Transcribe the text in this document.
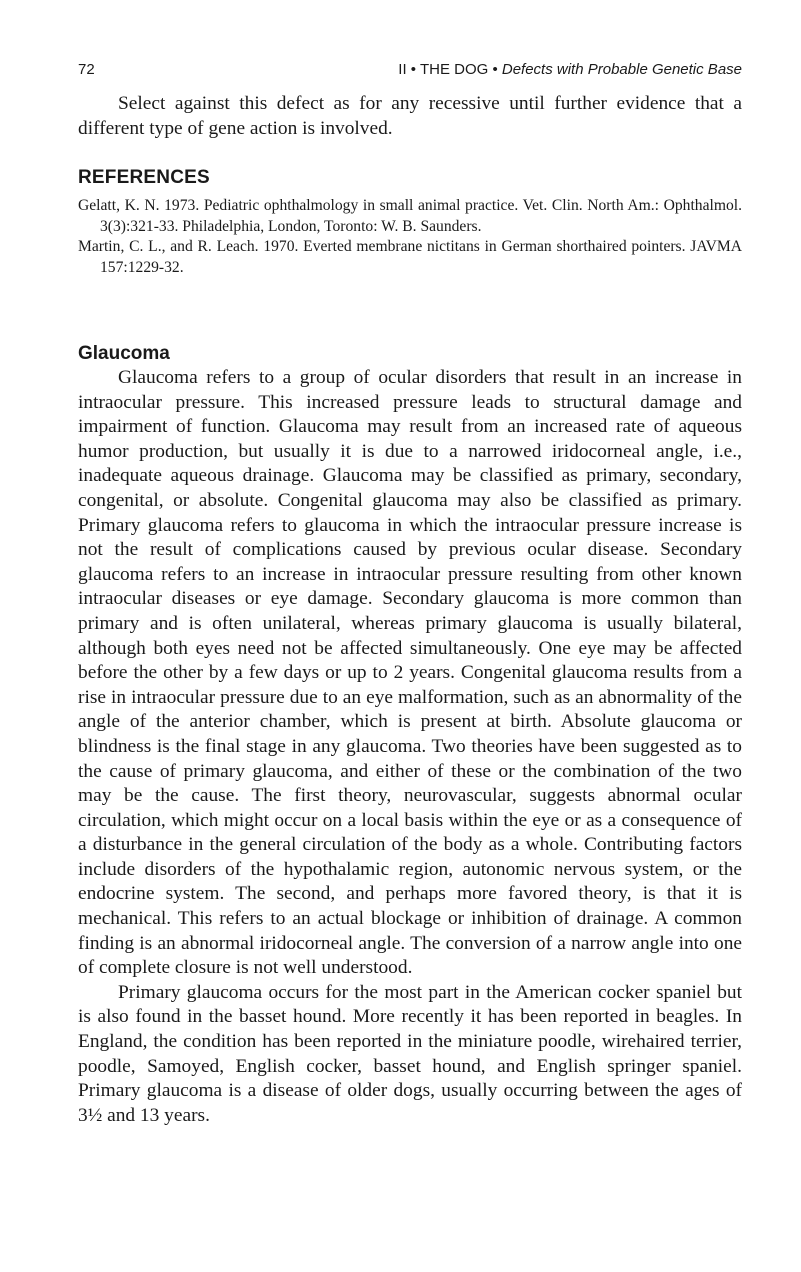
72	II • THE DOG • Defects with Probable Genetic Base

Select against this defect as for any recessive until further evidence that a different type of gene action is involved.

REFERENCES

Gelatt, K. N. 1973. Pediatric ophthalmology in small animal practice. Vet. Clin. North Am.: Ophthalmol. 3(3):321-33. Philadelphia, London, Toronto: W. B. Saunders.

Martin, C. L., and R. Leach. 1970. Everted membrane nictitans in German shorthaired pointers. JAVMA 157:1229-32.

Glaucoma

Glaucoma refers to a group of ocular disorders that result in an increase in intraocular pressure. This increased pressure leads to structural damage and impairment of function. Glaucoma may result from an increased rate of aqueous humor production, but usually it is due to a narrowed iridocorneal angle, i.e., inadequate aqueous drainage. Glaucoma may be classified as primary, secondary, congenital, or absolute. Congenital glaucoma may also be classified as primary. Primary glaucoma refers to glaucoma in which the intraocular pressure increase is not the result of complications caused by previous ocular disease. Secondary glaucoma refers to an increase in intraocular pressure resulting from other known intraocular diseases or eye damage. Secondary glaucoma is more common than primary and is often unilateral, whereas primary glaucoma is usually bilateral, although both eyes need not be affected simultaneously. One eye may be affected before the other by a few days or up to 2 years. Congenital glaucoma results from a rise in intraocular pressure due to an eye malformation, such as an abnormality of the angle of the anterior chamber, which is present at birth. Absolute glaucoma or blindness is the final stage in any glaucoma. Two theories have been suggested as to the cause of primary glaucoma, and either of these or the combination of the two may be the cause. The first theory, neurovascular, suggests abnormal ocular circulation, which might occur on a local basis within the eye or as a consequence of a disturbance in the general circulation of the body as a whole. Contributing factors include disorders of the hypothalamic region, autonomic nervous system, or the endocrine system. The second, and perhaps more favored theory, is that it is mechanical. This refers to an actual blockage or inhibition of drainage. A common finding is an abnormal iridocorneal angle. The conversion of a narrow angle into one of complete closure is not well understood.

Primary glaucoma occurs for the most part in the American cocker spaniel but is also found in the basset hound. More recently it has been reported in beagles. In England, the condition has been reported in the miniature poodle, wirehaired terrier, poodle, Samoyed, English cocker, basset hound, and English springer spaniel. Primary glaucoma is a disease of older dogs, usually occurring between the ages of 3½ and 13 years.
